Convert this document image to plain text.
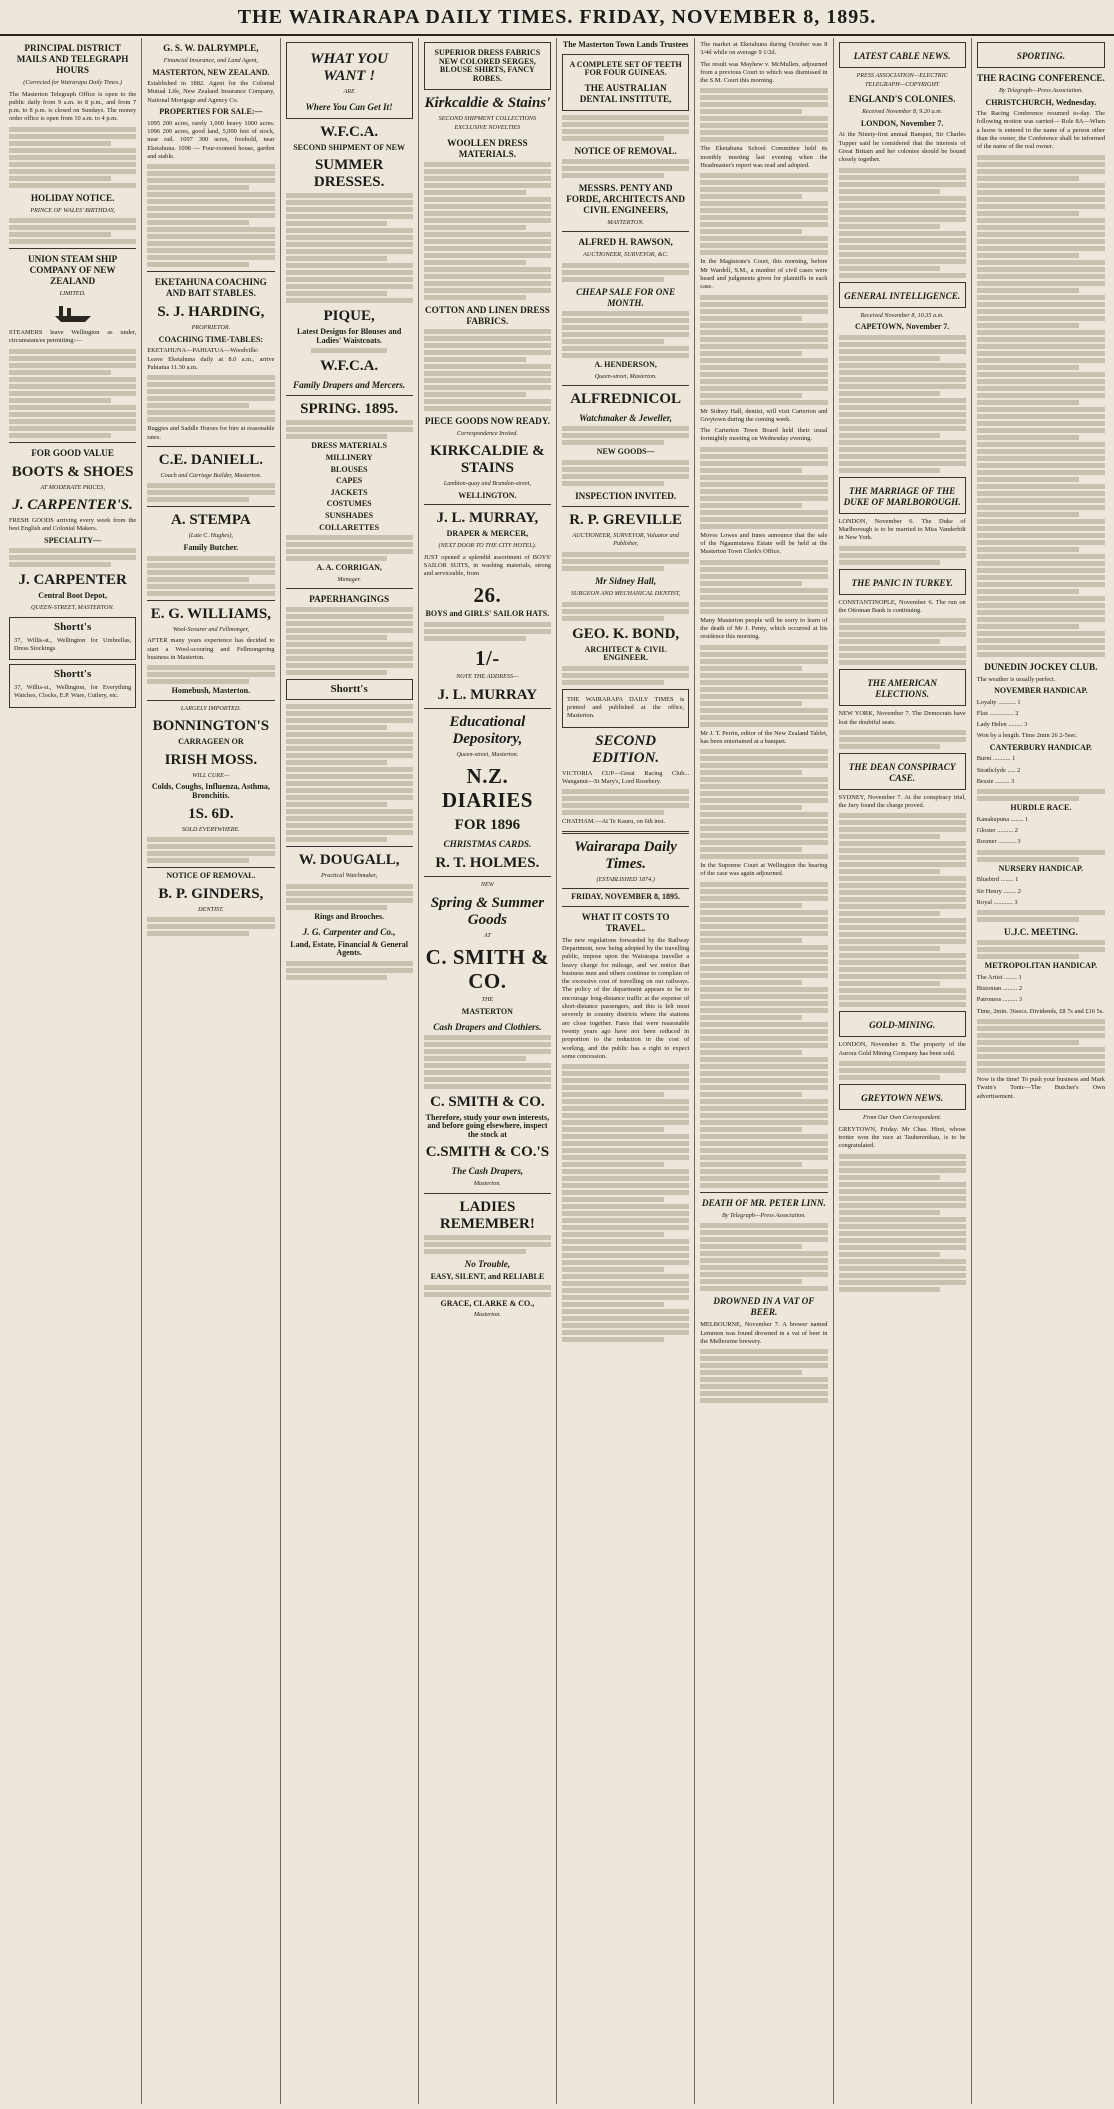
THE WAIRARAPA DAILY TIMES. FRIDAY, NOVEMBER 8, 1895.
PRINCIPAL DISTRICT MAILS AND TELEGRAPH HOURS
(Corrected for Wairarapa Daily Times.)
The Masterton Telegraph Office is open to the public daily from 9 a.m. to 8 p.m., and from 7 p.m. to 8 p.m. is closed on Sundays. The money order office is open from 10 a.m. to 4 p.m.
HOLIDAY NOTICE.
PRINCE OF WALES' BIRTHDAY,
UNION STEAM SHIP COMPANY OF NEW ZEALAND
LIMITED.
STEAMERS leave Wellington as under, circumstances permitting:—
FOR GOOD VALUE
BOOTS & SHOES
AT MODERATE PRICES,
J. CARPENTER'S.
FRESH GOODS arriving every week from the best English and Colonial Makers.
SPECIALITY—
J. CARPENTER
Central Boot Depot,
QUEEN-STREET, MASTERTON.
Shortt's
37, Willis-st., Wellington for Umbrellas, Dress Stockings
Shortt's
37, Willis-st., Wellington, for Everything Watches, Clocks, E.P. Ware, Cutlery, etc.
G. S. W. DALRYMPLE,
Financial Insurance, and Land Agent,
MASTERTON, NEW ZEALAND.
Established in 1882. Agent for the Colonial Mutual Life, New Zealand Insurance Company, National Mortgage and Agency Co.
PROPERTIES FOR SALE:—
1095 200 acres, rarely 1,000 heavy 1000 acres. 1096 200 acres, good land, 5,000 feet of stock, near rail. 1097 300 acres, freehold, near Eketahuna. 1098 — Four-roomed house, garden and stable.
EKETAHUNA COACHING AND BAIT STABLES.
S. J. HARDING,
PROPRIETOR.
COACHING TIME-TABLES:
EKETAHUNA—PAHIATUA—Woodville: Leave Eketahuna daily at 8.0 a.m., arrive Pahiatua 11.30 a.m.
Buggies and Saddle Horses for hire at reasonable rates.
C.E. DANIELL.
Coach and Carriage Builder, Masterton.
A. STEMPA
(Late C. Hughes),
Family Butcher.
E. G. WILLIAMS,
Wool-Scourer and Fellmonger,
AFTER many years experience has decided to start a Wool-scouring and Fellmongering business in Masterton.
Homebush, Masterton.
LARGELY IMPORTED.
BONNINGTON'S
CARRAGEEN OR
IRISH MOSS.
WILL CURE—
Colds, Coughs, Influenza, Asthma, Bronchitis.
1S. 6D.
SOLD EVERYWHERE.
NOTICE OF REMOVAL.
B. P. GINDERS,
DENTIST.
WHAT YOU WANT !
ARE
Where You Can Get It!
W.F.C.A.
SECOND SHIPMENT OF NEW
SUMMER DRESSES.
PIQUE,
Latest Designs for Blouses and Ladies' Waistcoats.
W.F.C.A.
Family Drapers and Mercers.
SPRING. 1895.
DRESS MATERIALS
MILLINERY
BLOUSES
CAPES
JACKETS
COSTUMES
SUNSHADES
COLLARETTES
A. A. CORRIGAN,
Manager.
PAPERHANGINGS
Shortt's
W. DOUGALL,
Practical Watchmaker,
Rings and Brooches.
J. G. Carpenter and Co.,
Land, Estate, Financial & General Agents.
SUPERIOR DRESS FABRICS NEW COLORED SERGES, BLOUSE SHIRTS, FANCY ROBES.
Kirkcaldie & Stains'
SECOND SHIPMENT COLLECTIONS EXCLUSIVE NOVELTIES
WOOLLEN DRESS MATERIALS.
COTTON AND LINEN DRESS FABRICS.
PIECE GOODS NOW READY.
Correspondence Invited.
KIRKCALDIE & STAINS
Lambton-quay and Brandon-street,
WELLINGTON.
J. L. MURRAY,
DRAPER & MERCER,
(NEXT DOOR TO THE CITY HOTEL).
JUST opened a splendid assortment of BOYS' SAILOR SUITS, in washing materials, strong and serviceable, from
26.
BOYS and GIRLS' SAILOR HATS.
1/-
NOTE THE ADDRESS—
J. L. MURRAY
Educational Depository,
Queen-street, Masterton.
N.Z. DIARIES
FOR 1896
CHRISTMAS CARDS.
R. T. HOLMES.
NEW
Spring & Summer Goods
AT
C. SMITH & CO.
THE
MASTERTON
Cash Drapers and Clothiers.
C. SMITH & CO.
Therefore, study your own interests, and before going elsewhere, inspect the stock at
C.SMITH & CO.'S
The Cash Drapers,
Masterton.
LADIES REMEMBER!
No Trouble,
EASY, SILENT, and RELIABLE
GRACE, CLARKE & CO.,
Masterton.
The Masterton Town Lands Trustees
A COMPLETE SET OF TEETH FOR FOUR GUINEAS.
THE AUSTRALIAN DENTAL INSTITUTE,
NOTICE OF REMOVAL.
MESSRS. PENTY AND FORDE, ARCHITECTS AND CIVIL ENGINEERS,
MASTERTON.
ALFRED H. RAWSON,
AUCTIONEER, SURVEYOR, &C.
CHEAP SALE FOR ONE MONTH.
A. HENDERSON,
Queen-street, Masterton.
ALFREDNICOL
Watchmaker & Jeweller,
NEW GOODS—
INSPECTION INVITED.
R. P. GREVILLE
AUCTIONEER, SURVEYOR, Valuator and Publisher,
Mr Sidney Hall,
SURGEON AND MECHANICAL DENTIST,
GEO. K. BOND,
ARCHITECT & CIVIL ENGINEER.
THE WAIRARAPA DAILY TIMES is printed and published at the office, Masterton.
SECOND EDITION.
VICTORIA CUP—Great Racing Club... Wanganui—St Mary's, Lord Rosebery.
CHATHAM.—At Te Kauru, on 6th inst.
Wairarapa Daily Times.
(ESTABLISHED 1874.)
FRIDAY, NOVEMBER 8, 1895.
WHAT IT COSTS TO TRAVEL.
The new regulations forwarded by the Railway Department, now being adopted by the travelling public, impose upon the Wairarapa traveller a heavy charge for mileage, and we notice that business men and others continue to complain of the excessive cost of travelling on our railways. The policy of the department appears to be to encourage long-distance traffic at the expense of short-distance passengers, and this is felt most severely in country districts where the stations are close together. Fares that were reasonable twenty years ago have not been reduced in proportion to the reduction in the cost of working, and the public has a right to expect some concession.
The market at Eketahuna during October was 8 3/4d while on average 9 1/2d.
The result was Mayhew v. McMullen, adjourned from a previous Court to which was dismissed in the S.M. Court this morning.
The Eketahuna School Committee held its monthly meeting last evening when the Headmaster's report was read and adopted.
In the Magistrate's Court, this morning, before Mr Wardell, S.M., a number of civil cases were heard and judgments given for plaintiffs in each case.
Mr Sidney Hall, dentist, will visit Carterton and Greytown during the coming week.
The Carterton Town Board held their usual fortnightly meeting on Wednesday evening.
Moves Lowes and Innes announce that the sale of the Ngaumutawa Estate will be held at the Masterton Town Clerk's Office.
Many Masterton people will be sorry to learn of the death of Mr J. Penty, which occurred at his residence this morning.
Mr J. T. Perrin, editor of the New Zealand Tablet, has been entertained at a banquet.
In the Supreme Court at Wellington the hearing of the case was again adjourned.
DEATH OF MR. PETER LINN.
By Telegraph—Press Association.
DROWNED IN A VAT OF BEER.
MELBOURNE, November 7. A brewer named Lemmon was found drowned in a vat of beer in the Melbourne brewery.
LATEST CABLE NEWS.
PRESS ASSOCIATION—ELECTRIC TELEGRAPH—COPYRIGHT
ENGLAND'S COLONIES.
Received November 8, 9.20 a.m.
LONDON, November 7.
At the Ninety-first annual Banquet, Sir Charles Tupper said he considered that the interests of Great Britain and her colonies should be bound closely together.
GENERAL INTELLIGENCE.
Received November 8, 10.35 a.m.
CAPETOWN, November 7.
THE MARRIAGE OF THE DUKE OF MARLBOROUGH.
LONDON, November 6. The Duke of Marlborough is to be married to Miss Vanderbilt in New York.
THE PANIC IN TURKEY.
CONSTANTINOPLE, November 6. The run on the Ottoman Bank is continuing.
THE AMERICAN ELECTIONS.
NEW YORK, November 7. The Democrats have lost the doubtful seats.
THE DEAN CONSPIRACY CASE.
SYDNEY, November 7. At the conspiracy trial, the Jury found the charge proved.
GOLD-MINING.
LONDON, November 8. The property of the Aurora Gold Mining Company has been sold.
GREYTOWN NEWS.
From Our Own Correspondent.
GREYTOWN, Friday. Mr Chas. Hirst, whose trotter won the race at Tauherenikau, is to be congratulated.
SPORTING.
THE RACING CONFERENCE.
By Telegraph—Press Association.
CHRISTCHURCH, Wednesday.
The Racing Conference resumed to-day. The following motion was carried— Role 8A—When a horse is entered in the name of a person other than the owner, the Conference shall be informed of the name of the real owner.
DUNEDIN JOCKEY CLUB.
The weather is usually perfect.
NOVEMBER HANDICAP.
Loyalty ........... 1
Flax ............... 2
Lady Helen ......... 3
Won by a length. Time 2min 26 2-5sec.
CANTERBURY HANDICAP.
Burnt ........... 1
Strathclyde ..... 2
Bessie ......... 3
HURDLE RACE.
Kanakupuna ........ 1
Gloster .......... 2
Rosmer ........... 3
NURSERY HANDICAP.
Bluebird ........ 1
Sir Henry ........ 2
Royal ............ 3
U.J.C. MEETING.
METROPOLITAN HANDICAP.
The Artist ........ 1
Bistonian ......... 2
Patroness ......... 3
Time, 2min. 36secs. Dividends, £8 7s and £16 5s.
Now is the time! To push your business and Mark Twain's Tonic—The Butcher's Own advertisement.
